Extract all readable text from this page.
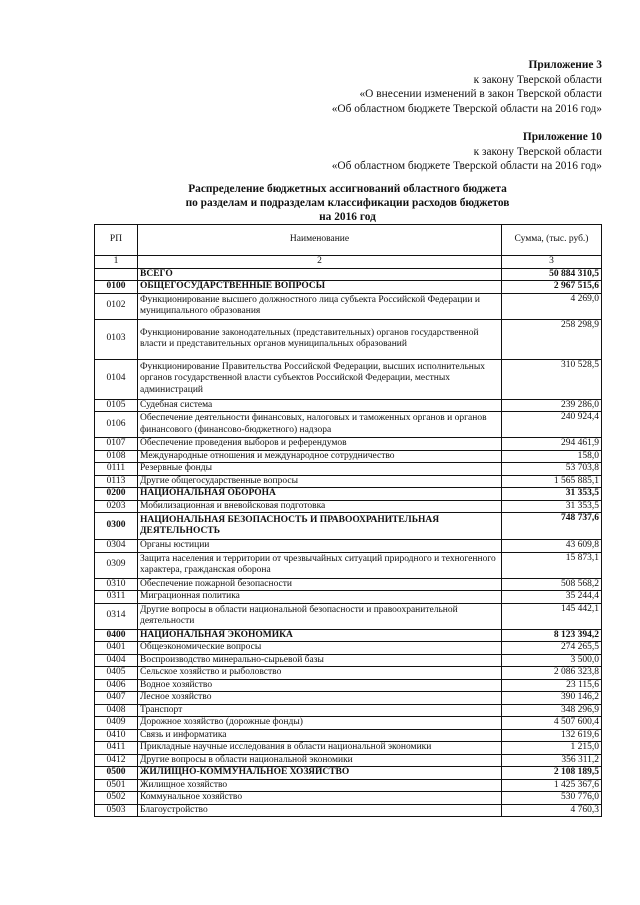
Приложение 3
к закону Тверской области
«О внесении изменений в закон Тверской области
«Об областном бюджете Тверской области на 2016 год»
Приложение 10
к закону Тверской области
«Об областном бюджете Тверской области на 2016 год»
Распределение бюджетных ассигнований областного бюджета
по разделам и подразделам классификации расходов бюджетов
на 2016 год
РП	Наименование	Сумма, (тыс. руб.)
1	2	3
	ВСЕГО	50 884 310,5
0100	ОБЩЕГОСУДАРСТВЕННЫЕ ВОПРОСЫ	2 967 515,6
0102	Функционирование высшего должностного лица субъекта Российской Федерации и муниципального образования	4 269,0
0103	Функционирование законодательных (представительных) органов государственной власти и представительных органов муниципальных образований	258 298,9
0104	Функционирование Правительства Российской Федерации, высших исполнительных органов государственной власти субъектов Российской Федерации, местных администраций	310 528,5
0105	Судебная система	239 286,0
0106	Обеспечение деятельности финансовых, налоговых и таможенных органов и органов финансового (финансово-бюджетного) надзора	240 924,4
0107	Обеспечение проведения выборов и референдумов	294 461,9
0108	Международные отношения и международное сотрудничество	158,0
0111	Резервные фонды	53 703,8
0113	Другие общегосударственные вопросы	1 565 885,1
0200	НАЦИОНАЛЬНАЯ ОБОРОНА	31 353,5
0203	Мобилизационная и вневойсковая подготовка	31 353,5
0300	НАЦИОНАЛЬНАЯ БЕЗОПАСНОСТЬ И ПРАВООХРАНИТЕЛЬНАЯ ДЕЯТЕЛЬНОСТЬ	748 737,6
0304	Органы юстиции	43 609,8
0309	Защита населения и территории от чрезвычайных ситуаций природного и техногенного характера, гражданская оборона	15 873,1
0310	Обеспечение пожарной безопасности	508 568,2
0311	Миграционная политика	35 244,4
0314	Другие вопросы в области национальной безопасности и правоохранительной деятельности	145 442,1
0400	НАЦИОНАЛЬНАЯ ЭКОНОМИКА	8 123 394,2
0401	Общеэкономические вопросы	274 265,5
0404	Воспроизводство минерально-сырьевой базы	3 500,0
0405	Сельское хозяйство и рыболовство	2 086 323,8
0406	Водное хозяйство	23 115,6
0407	Лесное хозяйство	390 146,2
0408	Транспорт	348 296,9
0409	Дорожное хозяйство (дорожные фонды)	4 507 600,4
0410	Связь и информатика	132 619,6
0411	Прикладные научные исследования в области национальной экономики	1 215,0
0412	Другие вопросы в области национальной экономики	356 311,2
0500	ЖИЛИЩНО-КОММУНАЛЬНОЕ ХОЗЯЙСТВО	2 108 189,5
0501	Жилищное хозяйство	1 425 367,6
0502	Коммунальное хозяйство	530 776,0
0503	Благоустройство	4 760,3
